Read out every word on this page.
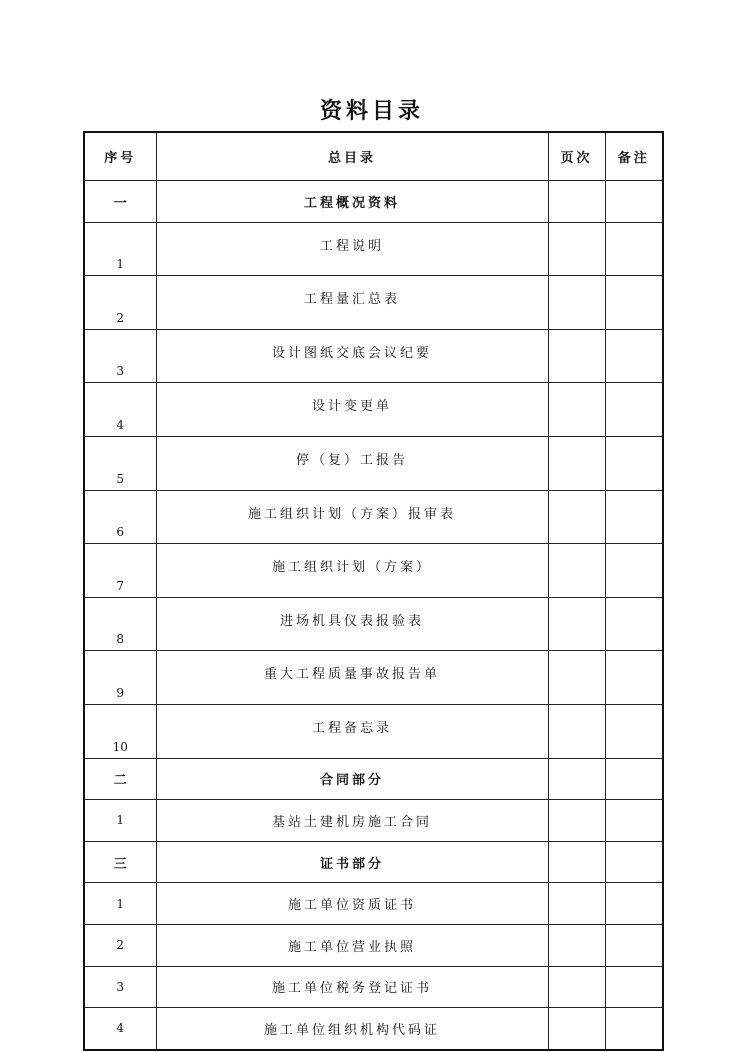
资料目录
序号	总目录	页次	备注
一	工程概况资料		
1	工程说明		
2	工程量汇总表		
3	设计图纸交底会议纪要		
4	设计变更单		
5	停（复）工报告		
6	施工组织计划（方案）报审表		
7	施工组织计划（方案）		
8	进场机具仪表报验表		
9	重大工程质量事故报告单		
10	工程备忘录		
二	合同部分		
1	基站土建机房施工合同		
三	证书部分		
1	施工单位资质证书		
2	施工单位营业执照		
3	施工单位税务登记证书		
4	施工单位组织机构代码证		
